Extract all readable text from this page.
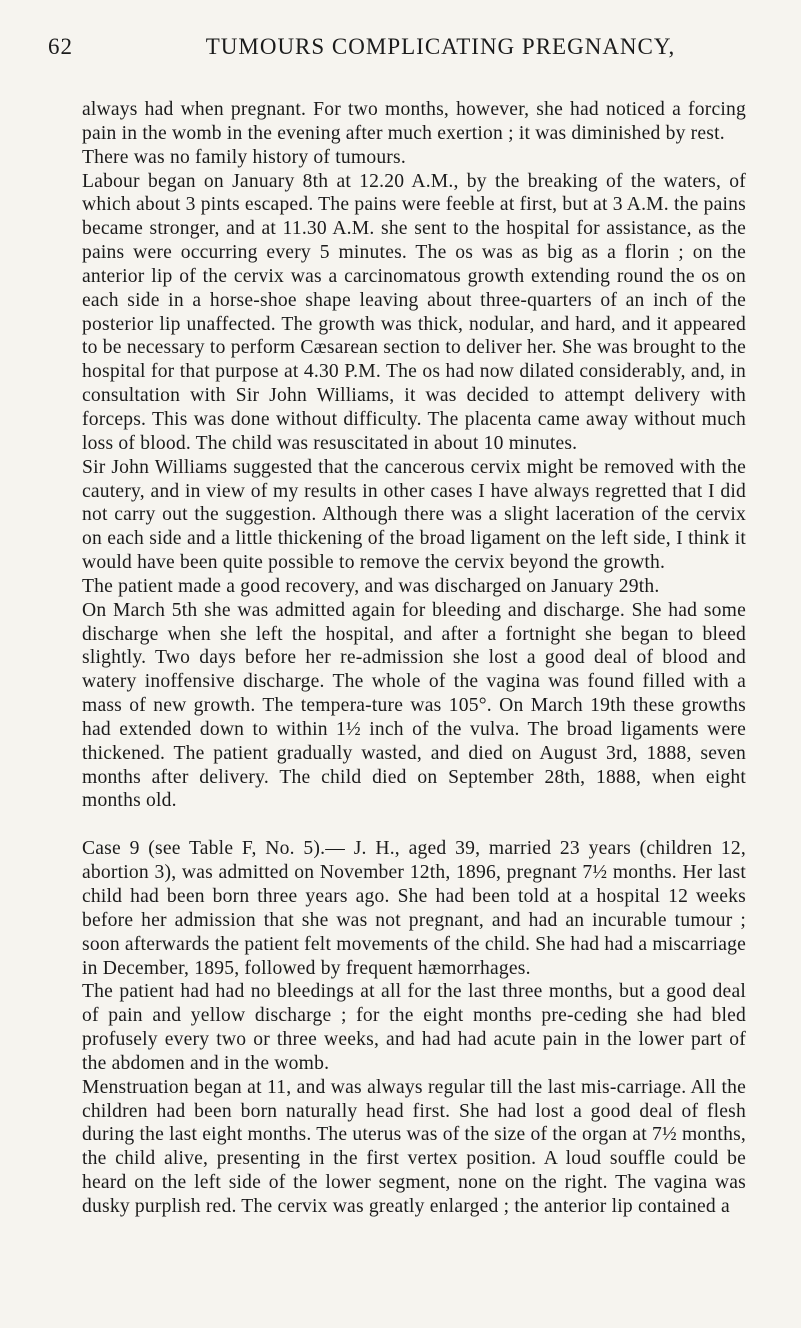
62	TUMOURS COMPLICATING PREGNANCY,

always had when pregnant. For two months, however, she had noticed a forcing pain in the womb in the evening after much exertion ; it was diminished by rest.

There was no family history of tumours.

Labour began on January 8th at 12.20 A.M., by the breaking of the waters, of which about 3 pints escaped. The pains were feeble at first, but at 3 A.M. the pains became stronger, and at 11.30 A.M. she sent to the hospital for assistance, as the pains were occurring every 5 minutes. The os was as big as a florin ; on the anterior lip of the cervix was a carcinomatous growth extending round the os on each side in a horse-shoe shape leaving about three-quarters of an inch of the posterior lip unaffected. The growth was thick, nodular, and hard, and it appeared to be necessary to perform Cæsarean section to deliver her. She was brought to the hospital for that purpose at 4.30 P.M. The os had now dilated considerably, and, in consultation with Sir John Williams, it was decided to attempt delivery with forceps. This was done without difficulty. The placenta came away without much loss of blood. The child was resuscitated in about 10 minutes.

Sir John Williams suggested that the cancerous cervix might be removed with the cautery, and in view of my results in other cases I have always regretted that I did not carry out the suggestion. Although there was a slight laceration of the cervix on each side and a little thickening of the broad ligament on the left side, I think it would have been quite possible to remove the cervix beyond the growth.

The patient made a good recovery, and was discharged on January 29th.

On March 5th she was admitted again for bleeding and discharge. She had some discharge when she left the hospital, and after a fortnight she began to bleed slightly. Two days before her re-admission she lost a good deal of blood and watery inoffensive discharge. The whole of the vagina was found filled with a mass of new growth. The tempera-ture was 105°. On March 19th these growths had extended down to within 1½ inch of the vulva. The broad ligaments were thickened. The patient gradually wasted, and died on August 3rd, 1888, seven months after delivery. The child died on September 28th, 1888, when eight months old.

Case 9 (see Table F, No. 5).— J. H., aged 39, married 23 years (children 12, abortion 3), was admitted on November 12th, 1896, pregnant 7½ months. Her last child had been born three years ago. She had been told at a hospital 12 weeks before her admission that she was not pregnant, and had an incurable tumour ; soon afterwards the patient felt movements of the child. She had had a miscarriage in December, 1895, followed by frequent hæmorrhages.

The patient had had no bleedings at all for the last three months, but a good deal of pain and yellow discharge ; for the eight months pre-ceding she had bled profusely every two or three weeks, and had had acute pain in the lower part of the abdomen and in the womb.

Menstruation began at 11, and was always regular till the last mis-carriage. All the children had been born naturally head first. She had lost a good deal of flesh during the last eight months. The uterus was of the size of the organ at 7½ months, the child alive, presenting in the first vertex position. A loud souffle could be heard on the left side of the lower segment, none on the right. The vagina was dusky purplish red. The cervix was greatly enlarged ; the anterior lip contained a
